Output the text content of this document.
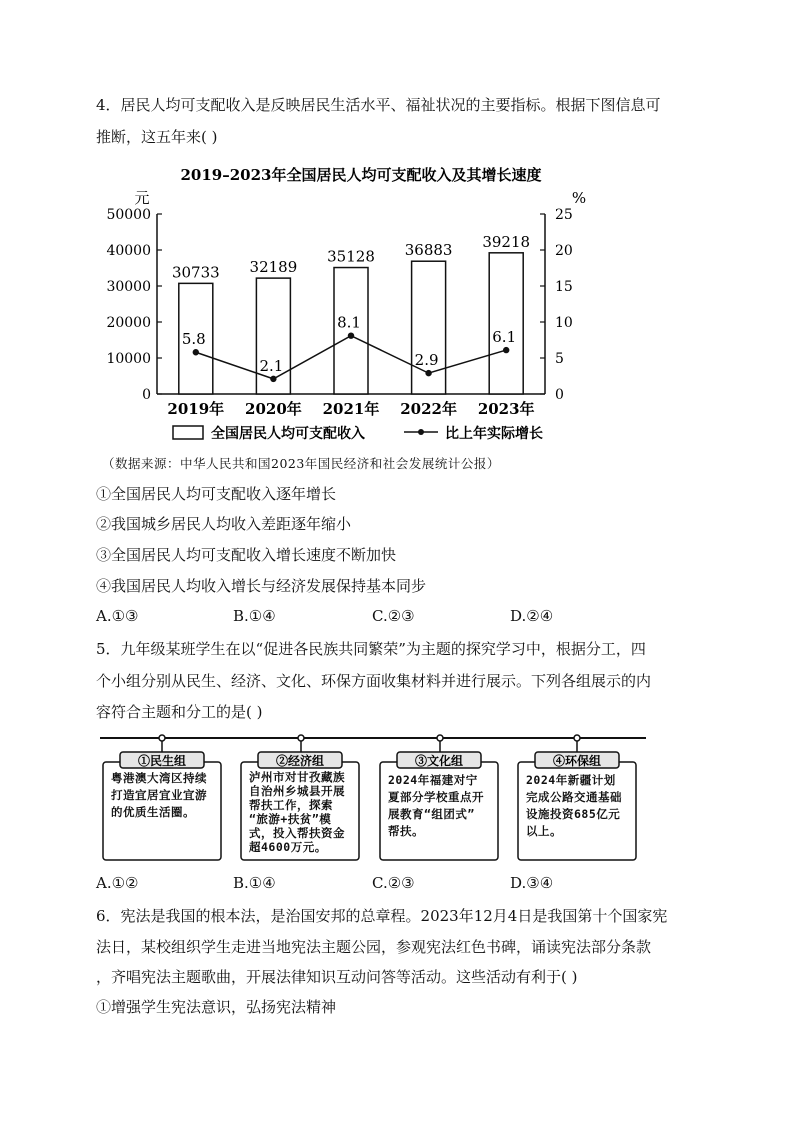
4．居民人均可支配收入是反映居民生活水平、福祉状况的主要指标。根据下图信息可
推断，这五年来( )
2019–2023年全国居民人均可支配收入及其增长速度
元	%
50000
40000
30000
20000
10000
0
25
20
15
10
5
0
30733
2019年
32189
2020年
35128
2021年
36883
2022年
39218
2023年
5.8
2.1
8.1
2.9
6.1
全国居民人均可支配收入	比上年实际增长
（数据来源：中华人民共和国2023年国民经济和社会发展统计公报）
①全国居民人均可支配收入逐年增长
②我国城乡居民人均收入差距逐年缩小
③全国居民人均可支配收入增长速度不断加快
④我国居民人均收入增长与经济发展保持基本同步
A.①③	B.①④	C.②③	D.②④
5．九年级某班学生在以“促进各民族共同繁荣”为主题的探究学习中，根据分工，四
个小组分别从民生、经济、文化、环保方面收集材料并进行展示。下列各组展示的内
容符合主题和分工的是( )
①民生组	②经济组	③文化组	④环保组
粤港澳大湾区持续
打造宜居宜业宜游
的优质生活圈。
泸州市对甘孜藏族
自治州乡城县开展
帮扶工作，探索
“旅游+扶贫”模
式，投入帮扶资金
超4600万元。
2024年福建对宁
夏部分学校重点开
展教育“组团式”
帮扶。
2024年新疆计划
完成公路交通基础
设施投资685亿元
以上。
A.①②	B.①④	C.②③	D.③④
6．宪法是我国的根本法，是治国安邦的总章程。2023年12月4日是我国第十个国家宪
法日，某校组织学生走进当地宪法主题公园，参观宪法红色书碑，诵读宪法部分条款
，齐唱宪法主题歌曲，开展法律知识互动问答等活动。这些活动有利于( )
①增强学生宪法意识，弘扬宪法精神
